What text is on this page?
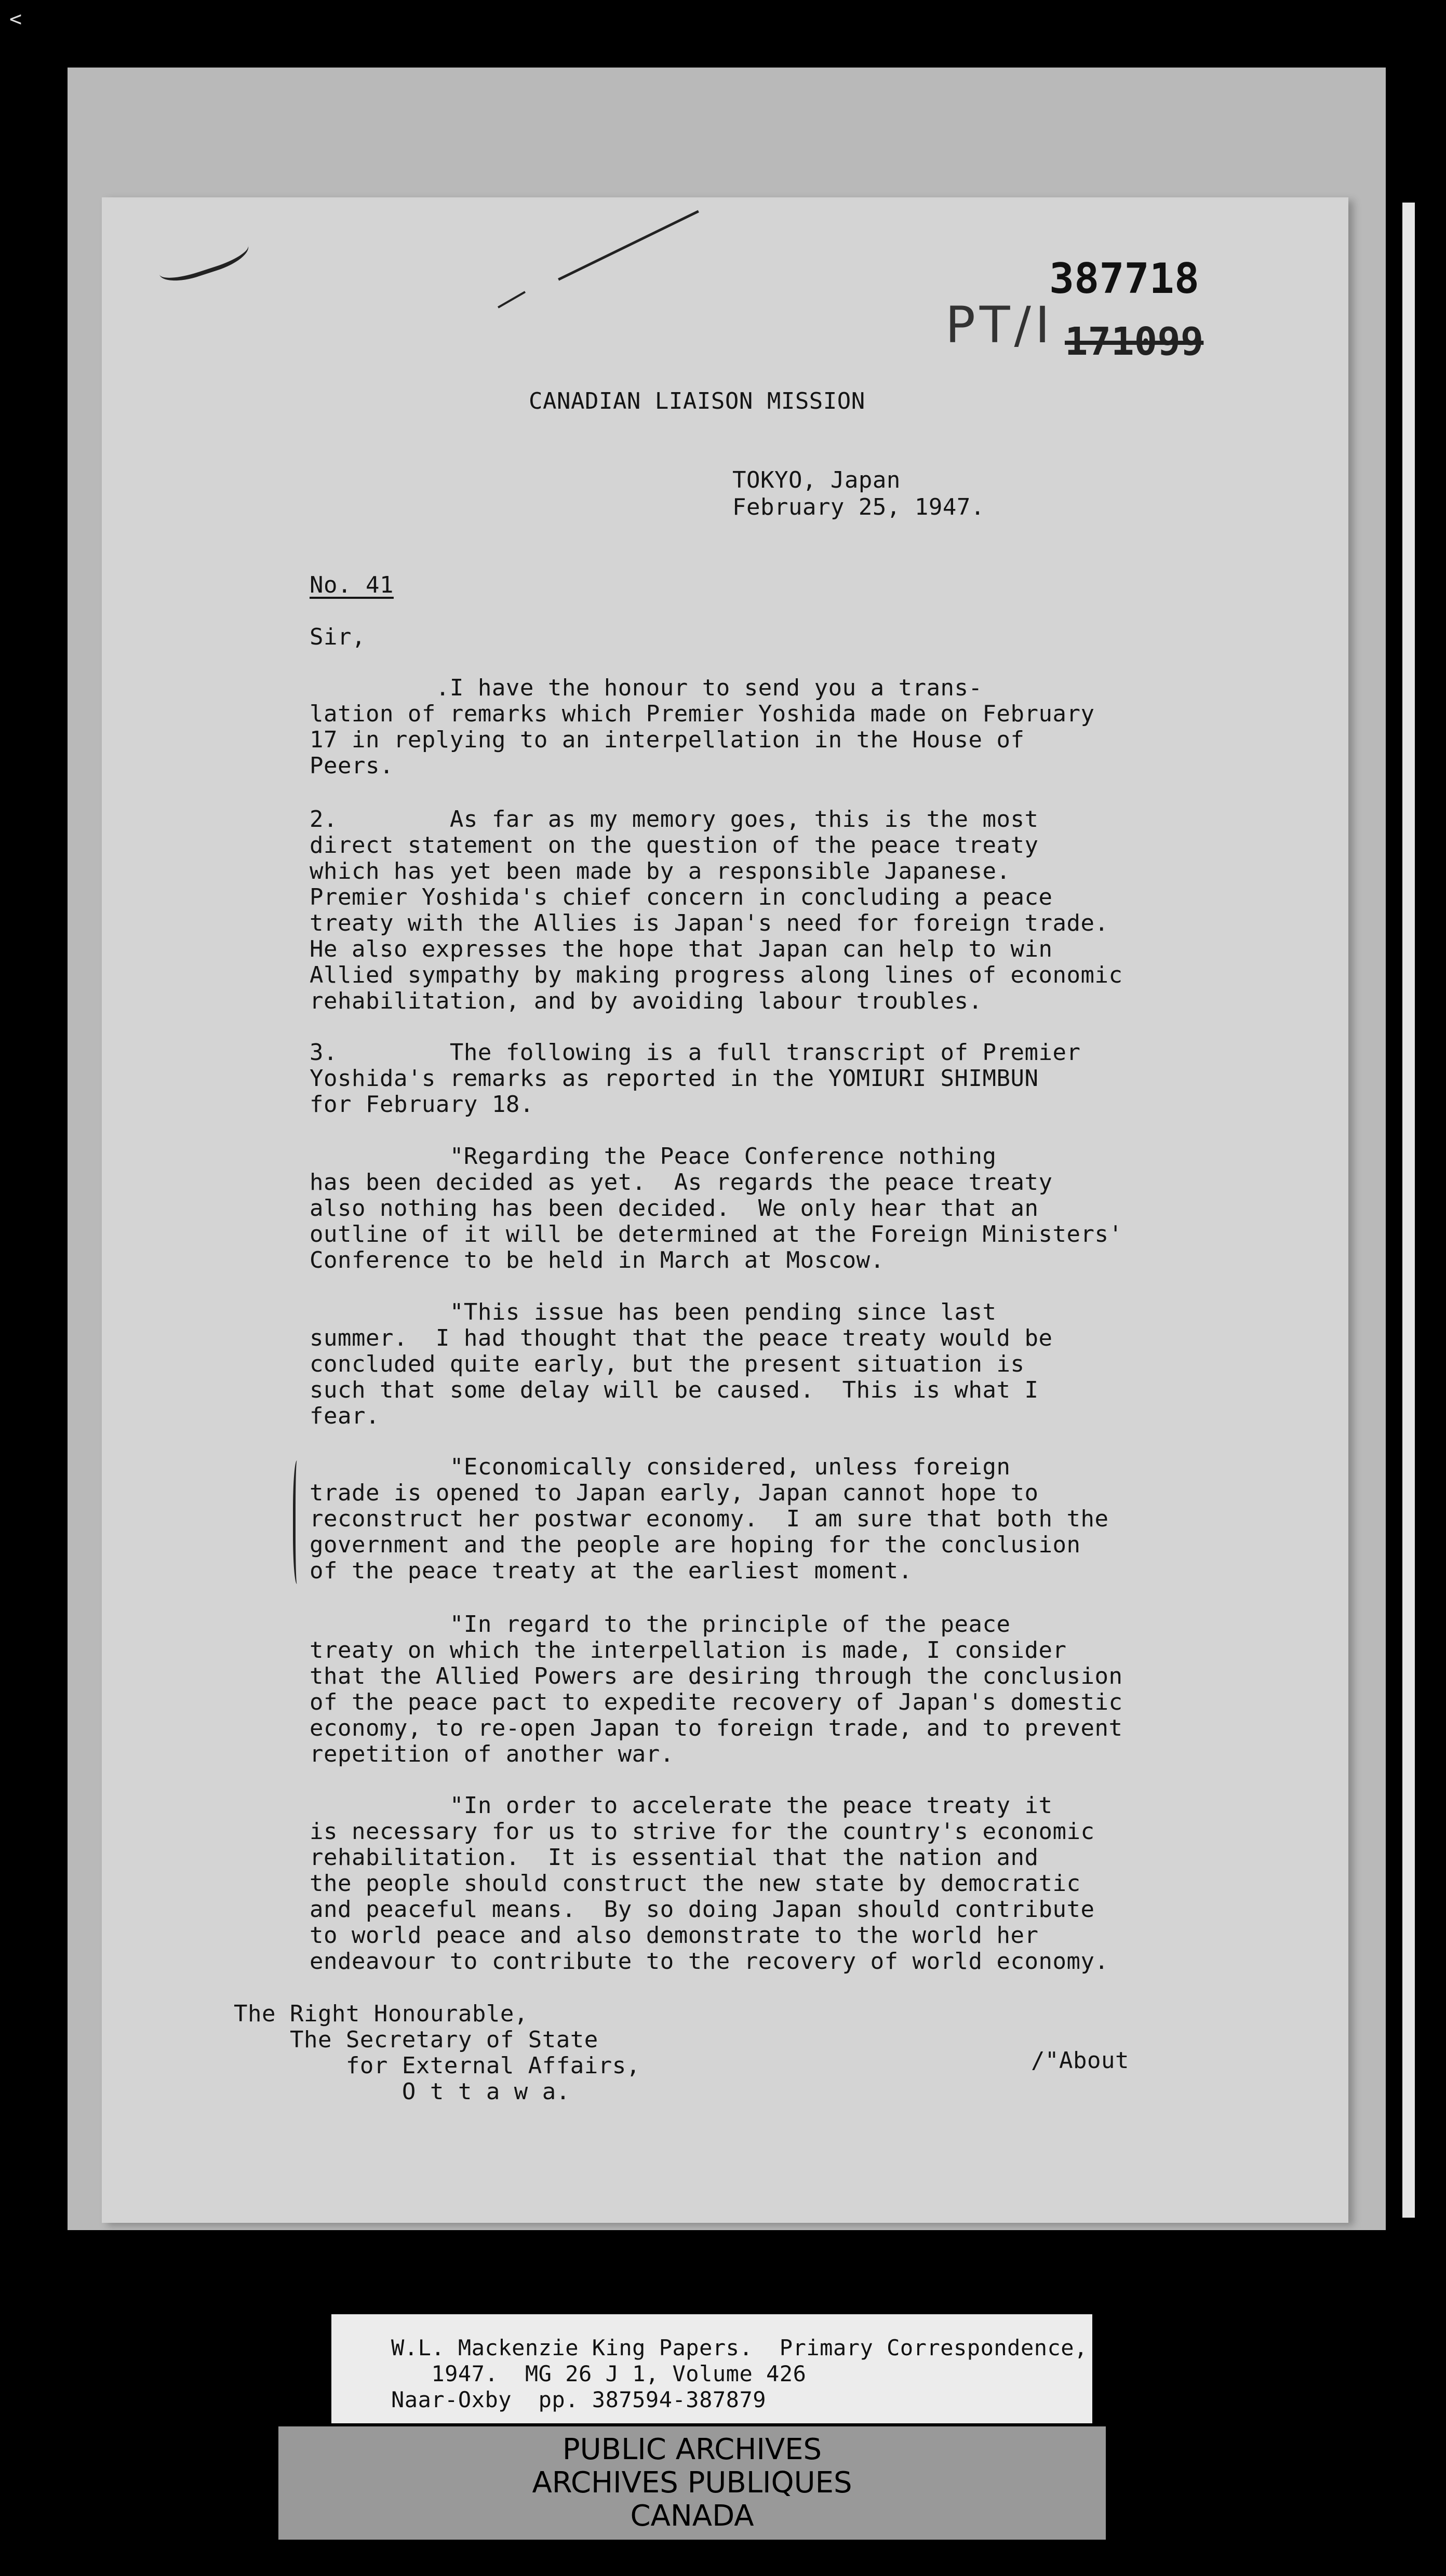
<
387718
PT/I 171099
CANADIAN LIAISON MISSION
TOKYO, Japan
February 25, 1947.
No. 41
Sir,
.I have the honour to send you a trans-
lation of remarks which Premier Yoshida made on February
17 in replying to an interpellation in the House of
Peers.
2.        As far as my memory goes, this is the most
direct statement on the question of the peace treaty
which has yet been made by a responsible Japanese.
Premier Yoshida's chief concern in concluding a peace
treaty with the Allies is Japan's need for foreign trade.
He also expresses the hope that Japan can help to win
Allied sympathy by making progress along lines of economic
rehabilitation, and by avoiding labour troubles.
3.        The following is a full transcript of Premier
Yoshida's remarks as reported in the YOMIURI SHIMBUN
for February 18.
"Regarding the Peace Conference nothing
has been decided as yet.  As regards the peace treaty
also nothing has been decided.  We only hear that an
outline of it will be determined at the Foreign Ministers'
Conference to be held in March at Moscow.
"This issue has been pending since last
summer.  I had thought that the peace treaty would be
concluded quite early, but the present situation is
such that some delay will be caused.  This is what I
fear.
"Economically considered, unless foreign
trade is opened to Japan early, Japan cannot hope to
reconstruct her postwar economy.  I am sure that both the
government and the people are hoping for the conclusion
of the peace treaty at the earliest moment.
"In regard to the principle of the peace
treaty on which the interpellation is made, I consider
that the Allied Powers are desiring through the conclusion
of the peace pact to expedite recovery of Japan's domestic
economy, to re-open Japan to foreign trade, and to prevent
repetition of another war.
"In order to accelerate the peace treaty it
is necessary for us to strive for the country's economic
rehabilitation.  It is essential that the nation and
the people should construct the new state by democratic
and peaceful means.  By so doing Japan should contribute
to world peace and also demonstrate to the world her
endeavour to contribute to the recovery of world economy.
The Right Honourable,
The Secretary of State
for External Affairs,
O t t a w a.
/"About
W.L. Mackenzie King Papers.  Primary Correspondence,
1947.  MG 26 J 1, Volume 426
Naar-Oxby  pp. 387594-387879
PUBLIC ARCHIVES
ARCHIVES PUBLIQUES
CANADA
